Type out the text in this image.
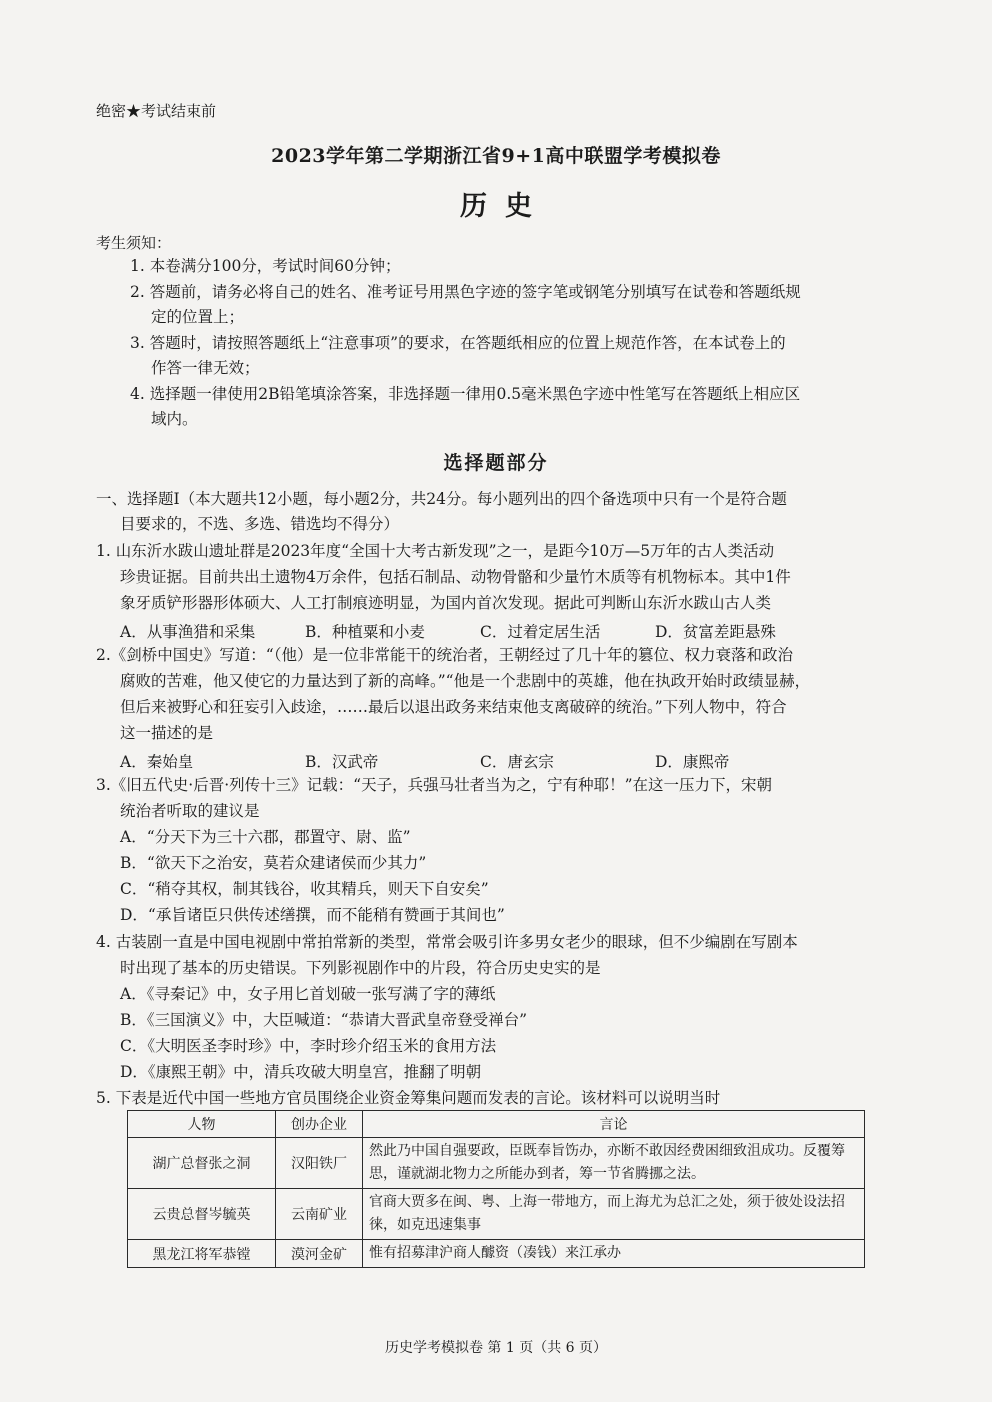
绝密★考试结束前
2023学年第二学期浙江省9+1高中联盟学考模拟卷
历史
考生须知：
1. 本卷满分100分，考试时间60分钟；
2. 答题前，请务必将自己的姓名、准考证号用黑色字迹的签字笔或钢笔分别填写在试卷和答题纸规
定的位置上；
3. 答题时，请按照答题纸上“注意事项”的要求，在答题纸相应的位置上规范作答，在本试卷上的
作答一律无效；
4. 选择题一律使用2B铅笔填涂答案，非选择题一律用0.5毫米黑色字迹中性笔写在答题纸上相应区
域内。
选择题部分
一、选择题Ⅰ（本大题共12小题，每小题2分，共24分。每小题列出的四个备选项中只有一个是符合题
目要求的，不选、多选、错选均不得分）
1. 山东沂水跋山遗址群是2023年度“全国十大考古新发现”之一，是距今10万—5万年的古人类活动
珍贵证据。目前共出土遗物4万余件，包括石制品、动物骨骼和少量竹木质等有机物标本。其中1件
象牙质铲形器形体硕大、人工打制痕迹明显，为国内首次发现。据此可判断山东沂水跋山古人类
A．从事渔猎和采集	B．种植粟和小麦	C．过着定居生活	D．贫富差距悬殊
2.《剑桥中国史》写道：“（他）是一位非常能干的统治者，王朝经过了几十年的篡位、权力衰落和政治
腐败的苦难，他又使它的力量达到了新的高峰。”“他是一个悲剧中的英雄，他在执政开始时政绩显赫，
但后来被野心和狂妄引入歧途，……最后以退出政务来结束他支离破碎的统治。”下列人物中，符合
这一描述的是
A．秦始皇	B．汉武帝	C．唐玄宗	D．康熙帝
3.《旧五代史·后晋·列传十三》记载：“天子，兵强马壮者当为之，宁有种耶！”在这一压力下，宋朝
统治者听取的建议是
A．“分天下为三十六郡，郡置守、尉、监”
B．“欲天下之治安，莫若众建诸侯而少其力”
C．“稍夺其权，制其钱谷，收其精兵，则天下自安矣”
D．“承旨诸臣只供传述缮撰，而不能稍有赞画于其间也”
4. 古装剧一直是中国电视剧中常拍常新的类型，常常会吸引许多男女老少的眼球，但不少编剧在写剧本
时出现了基本的历史错误。下列影视剧作中的片段，符合历史史实的是
A．《寻秦记》中，女子用匕首划破一张写满了字的薄纸
B．《三国演义》中，大臣喊道：“恭请大晋武皇帝登受禅台”
C．《大明医圣李时珍》中，李时珍介绍玉米的食用方法
D．《康熙王朝》中，清兵攻破大明皇宫，推翻了明朝
5. 下表是近代中国一些地方官员围绕企业资金筹集问题而发表的言论。该材料可以说明当时
人物	创办企业	言论
湖广总督张之洞	汉阳铁厂	然此乃中国自强要政，臣既奉旨饬办，亦断不敢因经费困细致沮成功。反覆筹思，谨就湖北物力之所能办到者，筹一节省腾挪之法。
云贵总督岑毓英	云南矿业	官商大贾多在闽、粤、上海一带地方，而上海尤为总汇之处，须于彼处设法招徕，如克迅速集事
黑龙江将军恭镗	漠河金矿	惟有招募津沪商人醵资（凑钱）来江承办
历史学考模拟卷 第 1 页（共 6 页）
